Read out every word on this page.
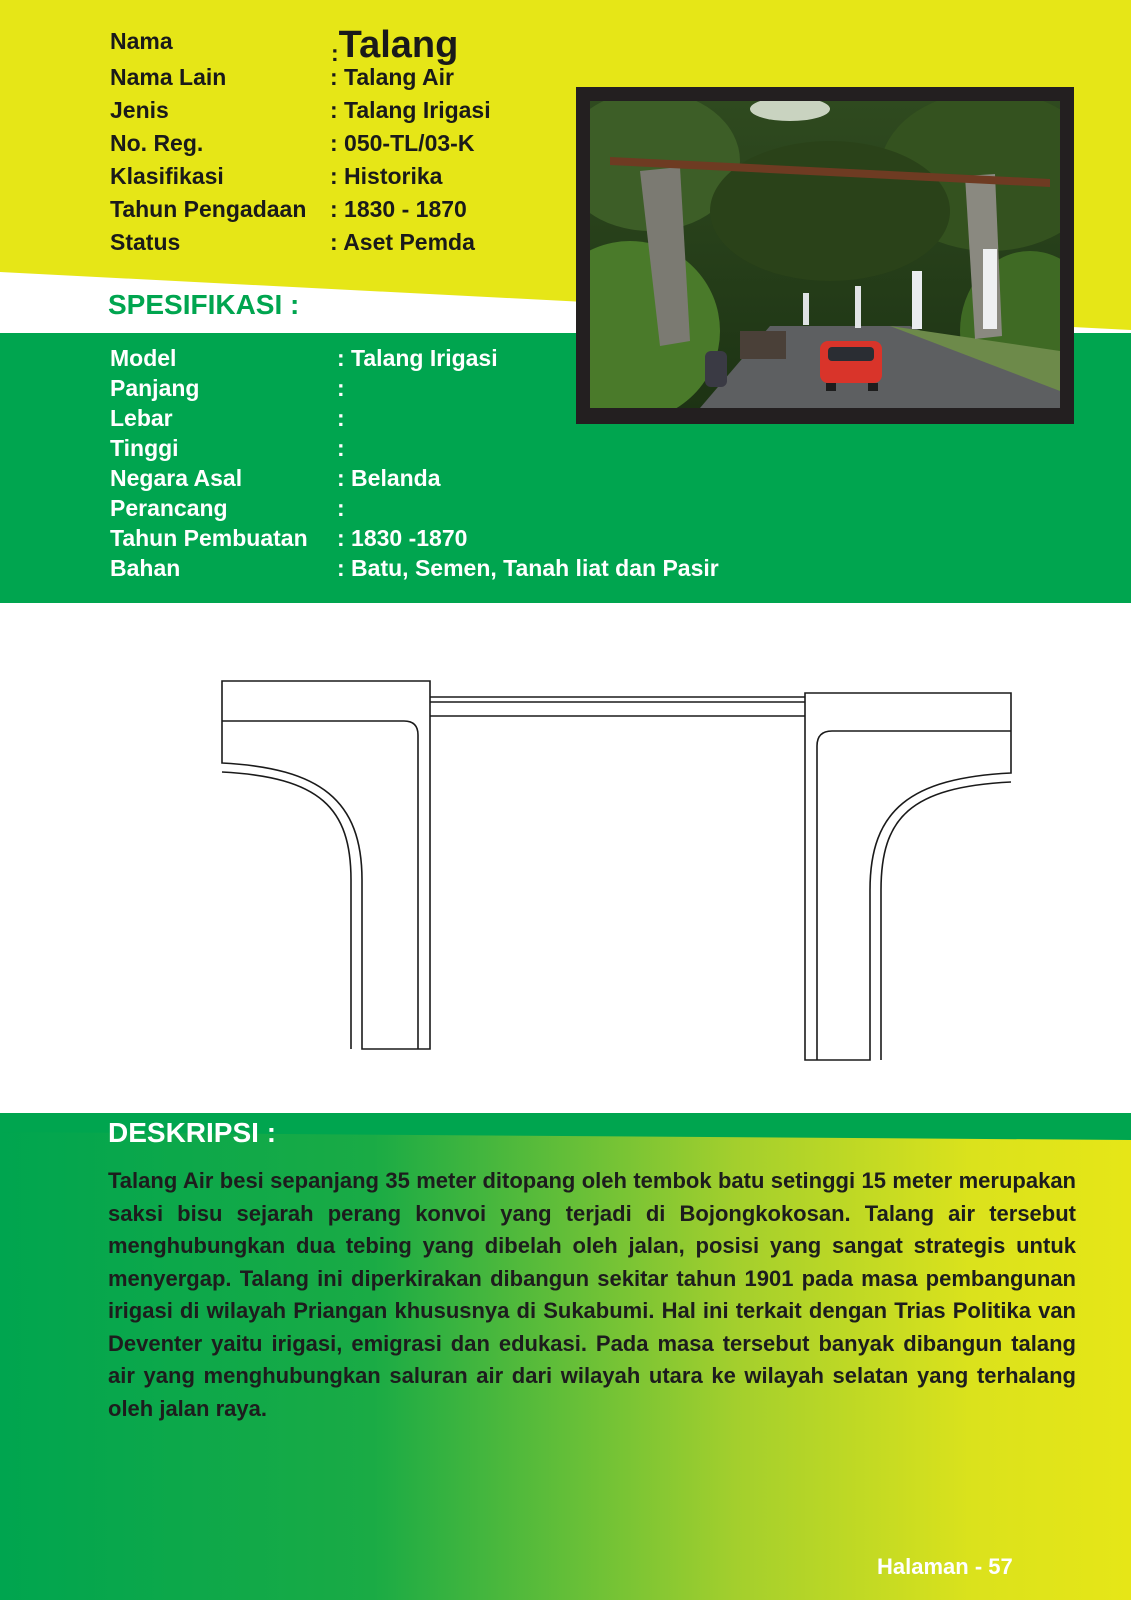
Nama	:Talang
Nama Lain	: Talang Air
Jenis	: Talang Irigasi
No. Reg.	: 050-TL/03-K
Klasifikasi	: Historika
Tahun Pengadaan : 1830 - 1870
Status	: Aset Pemda
SPESIFIKASI :
Model	: Talang Irigasi
Panjang	:
Lebar	:
Tinggi	:
Negara Asal	: Belanda
Perancang	:
Tahun Pembuatan : 1830 -1870
Bahan	: Batu, Semen, Tanah liat dan Pasir
DESKRIPSI :

Talang Air besi sepanjang 35 meter ditopang oleh tembok batu setinggi 15 meter merupakan saksi bisu sejarah perang konvoi yang terjadi di Bojongkokosan. Talang air tersebut menghubungkan dua tebing yang dibelah oleh jalan, posisi yang sangat strategis untuk menyergap. Talang ini diperkirakan dibangun sekitar tahun 1901 pada masa pembangunan irigasi di wilayah Priangan khususnya di Sukabumi. Hal ini terkait dengan Trias Politika van Deventer yaitu irigasi, emigrasi dan edukasi. Pada masa tersebut banyak dibangun talang air yang menghubungkan saluran air dari wilayah utara ke wilayah selatan yang terhalang oleh jalan raya.

Halaman - 57
